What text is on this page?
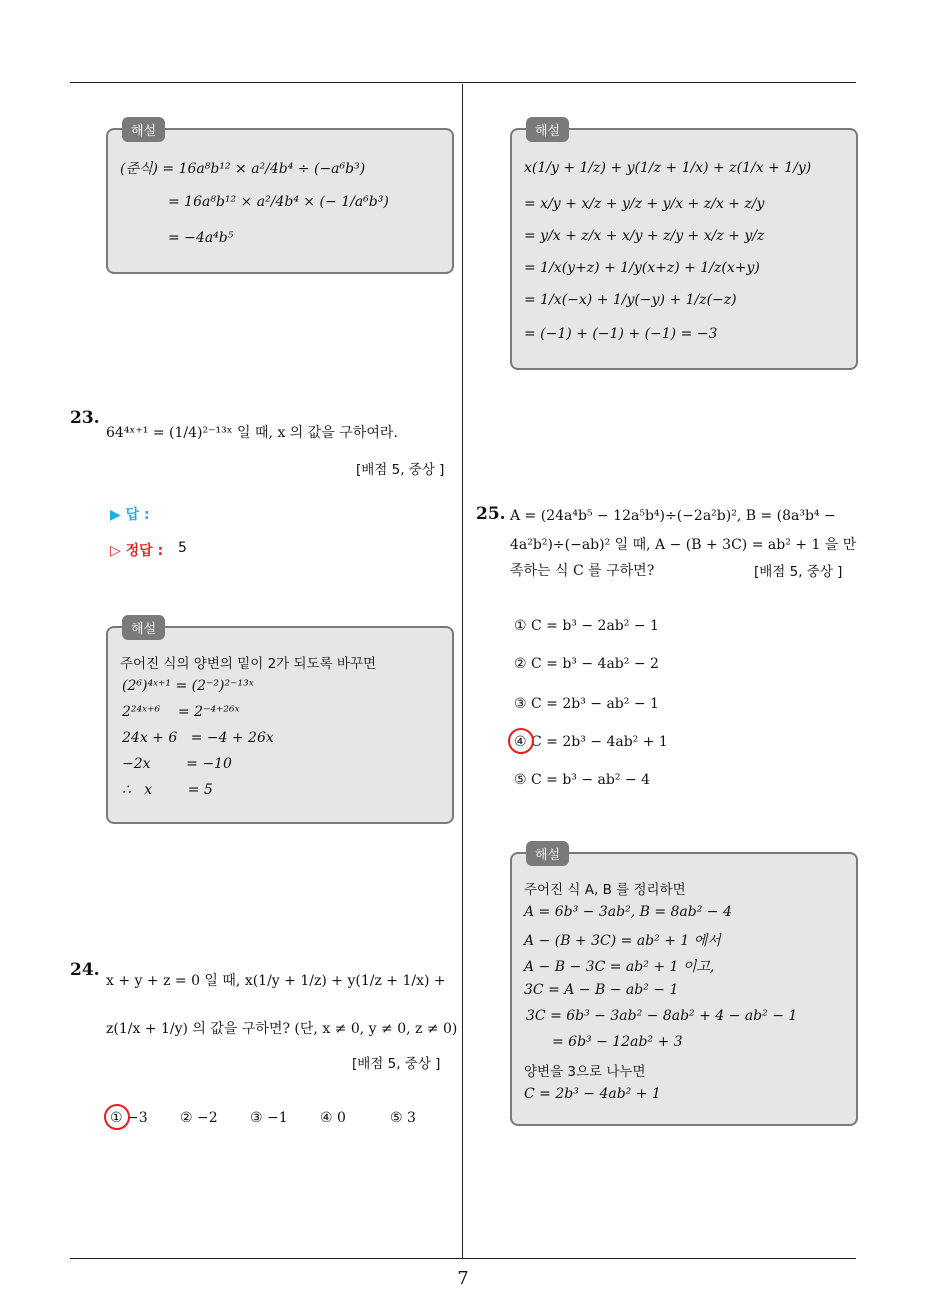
해설
(준식) = 16a⁸b¹² × a²/4b⁴ ÷ (−a⁶b³)
= 16a⁸b¹² × a²/4b⁴ × (− 1/a⁶b³)
= −4a⁴b⁵
해설
x(1/y + 1/z) + y(1/z + 1/x) + z(1/x + 1/y)
= x/y + x/z + y/z + y/x + z/x + z/y
= y/x + z/x + x/y + z/y + x/z + y/z
= 1/x(y+z) + 1/y(x+z) + 1/z(x+y)
= 1/x(−x) + 1/y(−y) + 1/z(−z)
= (−1) + (−1) + (−1) = −3
23.
64⁴ˣ⁺¹ = (1/4)²⁻¹³ˣ 일 때, x 의 값을 구하여라.
[배점 5, 중상 ]
▶ 답 :
▷ 정답 : 5
해설
주어진 식의 양변의 밑이 2가 되도록 바꾸면
(2⁶)⁴ˣ⁺¹ = (2⁻²)²⁻¹³ˣ
2²⁴ˣ⁺⁶    = 2⁻⁴⁺²⁶ˣ
24x + 6   = −4 + 26x
−2x        = −10
∴   x        = 5
24.
x + y + z = 0 일 때, x(1/y + 1/z) + y(1/z + 1/x) +
z(1/x + 1/y) 의 값을 구하면? (단, x ≠ 0, y ≠ 0, z ≠ 0)
[배점 5, 중상 ]
① −3 ② −2 ③ −1 ④ 0	⑤ 3
25. A = (24a⁴b⁵ − 12a⁵b⁴)÷(−2a²b)², B = (8a³b⁴ −
4a²b²)÷(−ab)² 일 때, A − (B + 3C) = ab² + 1 을 만
족하는 식 C 를 구하면?	[배점 5, 중상 ]
① C = b³ − 2ab² − 1
② C = b³ − 4ab² − 2
③ C = 2b³ − ab² − 1
④ C = 2b³ − 4ab² + 1
⑤ C = b³ − ab² − 4
해설
주어진 식 A, B 를 정리하면
A = 6b³ − 3ab², B = 8ab² − 4
A − (B + 3C) = ab² + 1 에서
A − B − 3C = ab² + 1 이고,
3C = A − B − ab² − 1
3C = 6b³ − 3ab² − 8ab² + 4 − ab² − 1
= 6b³ − 12ab² + 3
양변을 3으로 나누면
C = 2b³ − 4ab² + 1
7
